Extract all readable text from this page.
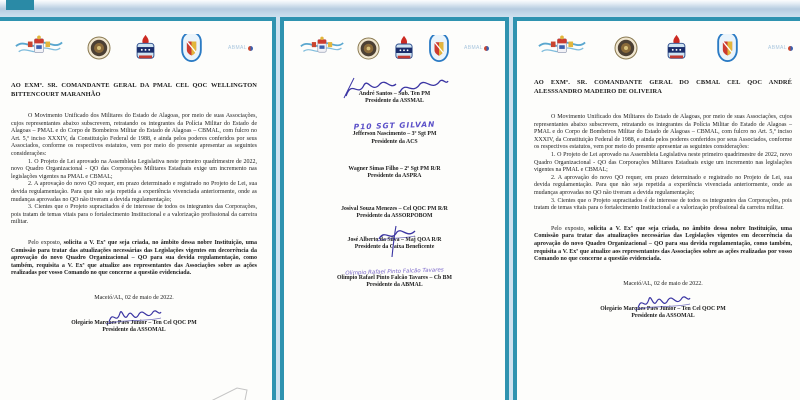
ABMAL

AO EXMº. SR. COMANDANTE GERAL DA PMAL CEL QOC WELLINGTON BITTENCOURT MARANHÃO

O Movimento Unificado dos Militares do Estado de Alagoas, por meio de suas Associações, cujos representantes abaixo subscrevem, retratando os integrantes da Polícia Militar do Estado de Alagoas – PMAL e do Corpo de Bombeiros Militar do Estado de Alagoas – CBMAL, com fulcro no Art. 5,º inciso XXXIV, da Constituição Federal de 1988, e ainda pelos poderes conferidos por seus Associados, conforme os respectivos estatutos, vem por meio do presente apresentar as seguintes considerações:

1. O Projeto de Lei aprovado na Assembleia Legislativa neste primeiro quadrimestre de 2022, novo Quadro Organizacional - QO das Corporações Militares Estaduais exige um incremento nas legislações vigentes na PMAL e CBMAL;

2. A aprovação do novo QO requer, em prazo determinado e registrado no Projeto de Lei, sua devida regulamentação. Para que não seja repetida a experiência vivenciada anteriormente, onde as mudanças aprovadas no QO não tiveram a devida regulamentação;

3. Cientes que o Projeto supracitados é de interesse de todos os integrantes das Corporações, pois tratam de temas vitais para o fortalecimento Institucional e a valorização profissional da carreira militar.

Pelo exposto, solicita a V. Exª que seja criada, no âmbito dessa nobre Instituição, uma Comissão para tratar das atualizações necessárias das Legislações vigentes em decorrência da aprovação do novo Quadro Organizacional – QO para sua devida regulamentação, como também, requisita a V. Exª que atualize aos representantes das Associações sobre as ações realizadas por vosso Comando no que concerne a questão evidenciada.

Maceió/AL, 02 de maio de 2022.

Olegário Marques Paes Junior – Ten Cel QOC PM
Presidente da ASSOMAL
ABMAL
André Santos – Sub. Ten PM
Presidente da ASSMAL
P10 SGT GILVAN
Jefferson Nascimento – 3º Sgt PM
Presidente da ACS
Wagner Simas Filho – 2º Sgt PM R/R
Presidente da ASPRA
Josival Souza Menezes – Cel QOC PM R/R
Presidente da ASSORPOBOM
José Alberto da Silva – Maj QOA R/R
Presidente da Caixa Beneficente
Olimpio Rafael Pinto Falcão Tavares
Olimpio Rafael Pinto Falcão Tavares – Cb BM
Presidente da ABMAL
ABMAL

AO EXMº. SR. COMANDANTE GERAL DO CBMAL CEL QOC ANDRÉ ALESSSANDRO MADEIRO DE OLIVEIRA

O Movimento Unificado dos Militares do Estado de Alagoas, por meio de suas Associações, cujos representantes abaixo subscrevem, retratando os integrantes da Polícia Militar do Estado de Alagoas – PMAL e do Corpo de Bombeiros Militar do Estado de Alagoas – CBMAL, com fulcro no Art. 5,º inciso XXXIV, da Constituição Federal de 1988, e ainda pelos poderes conferidos por seus Associados, conforme os respectivos estatutos, vem por meio do presente apresentar as seguintes considerações:

1. O Projeto de Lei aprovado na Assembleia Legislativa neste primeiro quadrimestre de 2022, novo Quadro Organizacional - QO das Corporações Militares Estaduais exige um incremento nas legislações vigentes na PMAL e CBMAL;

2. A aprovação do novo QO requer, em prazo determinado e registrado no Projeto de Lei, sua devida regulamentação. Para que não seja repetida a experiência vivenciada anteriormente, onde as mudanças aprovadas no QO não tiveram a devida regulamentação;

3. Cientes que o Projeto supracitados é de interesse de todos os integrantes das Corporações, pois tratam de temas vitais para o fortalecimento Institucional e a valorização profissional da carreira militar.

Pelo exposto, solicita a V. Exª que seja criada, no âmbito dessa nobre Instituição, uma Comissão para tratar das atualizações necessárias das Legislações vigentes em decorrência da aprovação do novo Quadro Organizacional – QO para sua devida regulamentação, como também, requisita a V. Exª que atualize aos representantes das Associações sobre as ações realizadas por vosso Comando no que concerne a questão evidenciada.

Maceió/AL, 02 de maio de 2022.

Olegário Marques Paes Junior – Ten Cel QOC PM
Presidente da ASSOMAL
